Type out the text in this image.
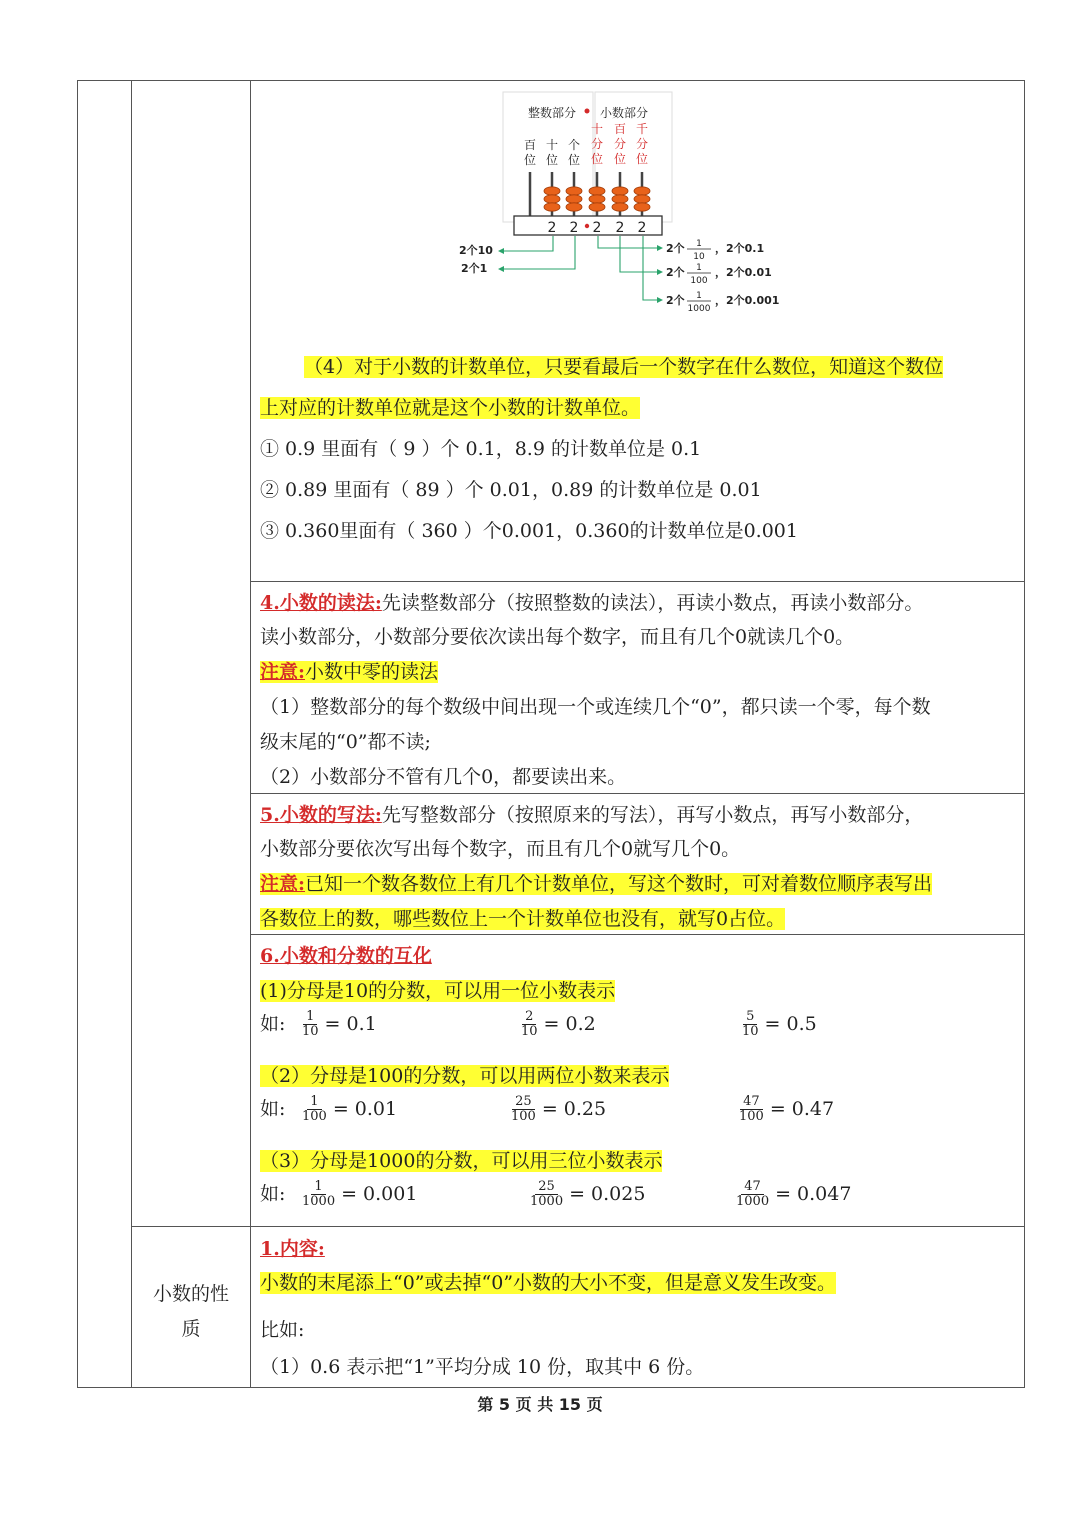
整数部分 小数部分
百
位
十
位
个
位
十
分
位
百
分
位
千
分
位
2 2 2 2 2
2个10
2个1
2个 1
10
，2个0.1
2个 1
100
，2个0.01
2个 1
1000
，2个0.001
（4）对于小数的计数单位，只要看最后一个数字在什么数位，知道这个数位
上对应的计数单位就是这个小数的计数单位。
① 0.9 里面有（ 9 ）个 0.1，8.9 的计数单位是 0.1
② 0.89 里面有（ 89 ）个 0.01，0.89 的计数单位是 0.01
③ 0.360里面有（ 360 ）个0.001，0.360的计数单位是0.001
4.小数的读法:先读整数部分（按照整数的读法），再读小数点，再读小数部分。
读小数部分，小数部分要依次读出每个数字，而且有几个0就读几个0。
注意:小数中零的读法
（1）整数部分的每个数级中间出现一个或连续几个“0”，都只读一个零，每个数
级末尾的“0”都不读;
（2）小数部分不管有几个0，都要读出来。
5.小数的写法:先写整数部分（按照原来的写法），再写小数点，再写小数部分，
小数部分要依次写出每个数字，而且有几个0就写几个0。
注意:已知一个数各数位上有几个计数单位，写这个数时，可对着数位顺序表写出
各数位上的数，哪些数位上一个计数单位也没有，就写0占位。
6.小数和分数的互化
(1)分母是10的分数，可以用一位小数表示
如: $\frac{1}{10} = 0.1$	$\frac{2}{10} = 0.2$	$\frac{5}{10} = 0.5$
（2）分母是100的分数，可以用两位小数来表示
如: $\frac{1}{100} = 0.01$	$\frac{25}{100} = 0.25$	$\frac{47}{100} = 0.47$
（3）分母是1000的分数，可以用三位小数表示
如: $\frac{1}{1000} = 0.001$	$\frac{25}{1000} = 0.025$	$\frac{47}{1000} = 0.047$
小数的性
质
1.内容:
小数的末尾添上“0”或去掉“0”小数的大小不变，但是意义发生改变。
比如:
（1）0.6 表示把“1”平均分成 10 份，取其中 6 份。
第 5 页 共 15 页
